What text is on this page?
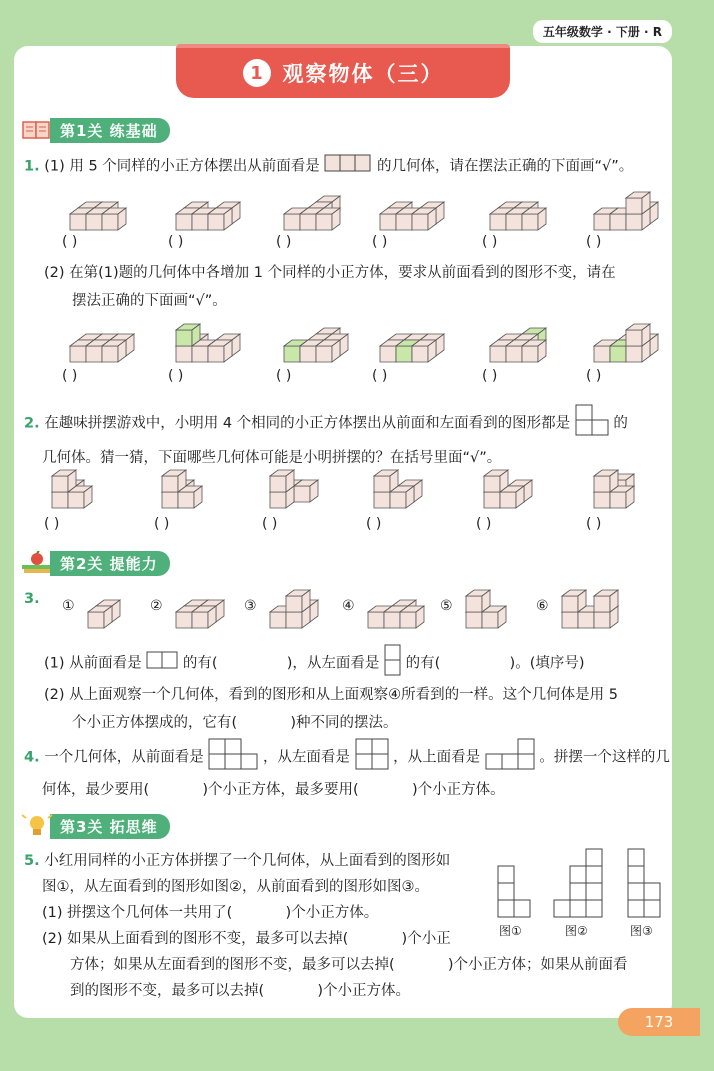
五年级数学 · 下册 · R
1 观察物体（三）
第1关 练基础
1. (1) 用 5 个同样的小正方体摆出从前面看是	的几何体，请在摆法正确的下面画“√”。
( )	( )	( )	( )	( )	( )
(2) 在第(1)题的几何体中各增加 1 个同样的小正方体，要求从前面看到的图形不变，请在
摆法正确的下面画“√”。
( )	( )	( )	( )	( )	( )
2. 在趣味拼摆游戏中，小明用 4 个相同的小正方体摆出从前面和左面看到的图形都是	的
几何体。猜一猜，下面哪些几何体可能是小明拼摆的？在括号里面“√”。
( )	( )	( )	( )	( )	( )
第2关 提能力
3. ①	②	③	④	⑤	⑥
(1) 从前面看是	的有(	)，从左面看是 的有(	)。(填序号)
(2) 从上面观察一个几何体，看到的图形和从上面观察④所看到的一样。这个几何体是用 5
个小正方体摆成的，它有(	)种不同的摆法。
4. 一个几何体，从前面看是	，从左面看是	，从上面看是	。拼摆一个这样的几
何体，最少要用(	)个小正方体，最多要用(	)个小正方体。
第3关 拓思维
5. 小红用同样的小正方体拼摆了一个几何体，从上面看到的图形如
图①，从左面看到的图形如图②，从前面看到的图形如图③。
(1) 拼摆这个几何体一共用了(	)个小正方体。
(2) 如果从上面看到的图形不变，最多可以去掉(	)个小正
方体；如果从左面看到的图形不变，最多可以去掉(	)个小正方体；如果从前面看
到的图形不变，最多可以去掉(	)个小正方体。
图①	图②	图③
173
